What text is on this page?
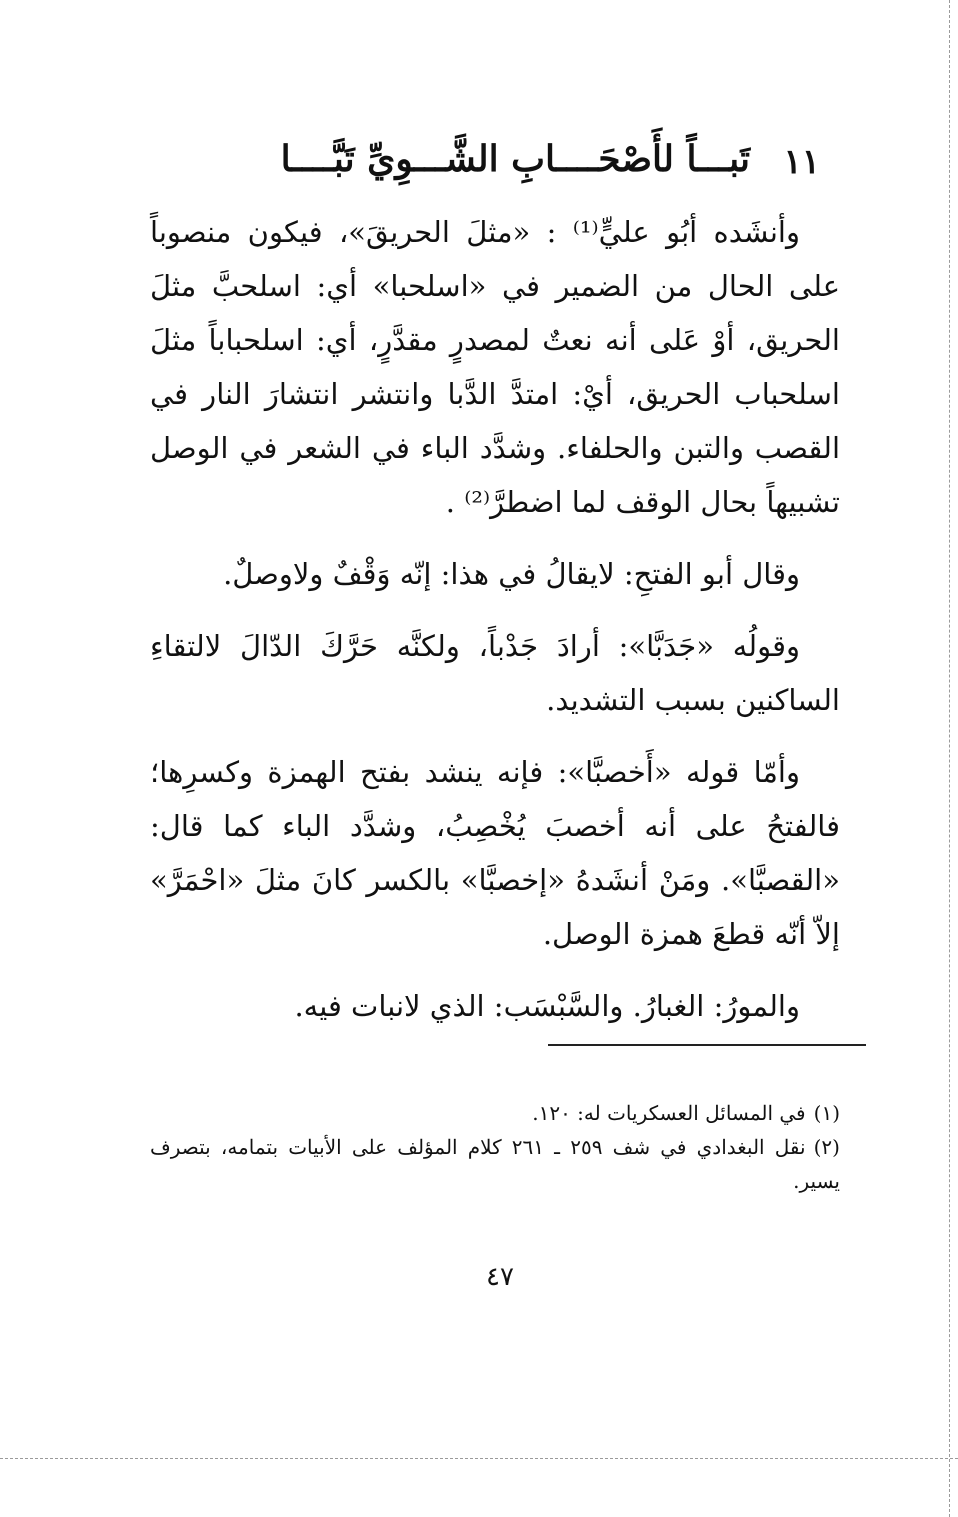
١١
تَبـــاً لأَصْحَــــابِ الشَّـــوِيِّ تَبَّــــا

وأنشَده أبُو عليٍّ⁽¹⁾ : «مثلَ الحريقَ»، فيكون منصوباً على الحال من الضمير في «اسلحبا» أي: اسلحبَّ مثلَ الحريق، أوْ عَلى أنه نعتٌ لمصدرٍ مقدَّرٍ، أي: اسلحباباً مثلَ اسلحباب الحريق، أيْ: امتدَّ الدَّبا وانتشر انتشارَ النار في القصب والتبن والحلفاء. وشدَّد الباء في الشعر في الوصل تشبيهاً بحال الوقف لما اضطرَّ⁽²⁾ .

وقال أبو الفتحِ: لايقالُ في هذا: إنّه وَقْفٌ ولاوصلٌ.

وقولُه «جَدَبَّا»: أرادَ جَدْباً، ولكنَّه حَرَّكَ الدّالَ لالتقاءِ الساكنين بسبب التشديد.

وأمّا قوله «أَخصبَّا»: فإنه ينشد بفتح الهمزة وكسرِها؛ فالفتحُ على أنه أخصبَ يُخْصِبُ، وشدَّد الباء كما قال: «القصبَّا». ومَنْ أنشَدهُ «إخصبَّا» بالكسر كانَ مثلَ «احْمَرَّ» إلاّ أنّه قطعَ همزة الوصل.

والمورُ: الغبارُ. والسَّبْسَب: الذي لانبات فيه.

(١)في المسائل العسكريات له: ١٢٠.

(٢)نقل البغدادي في شف ٢٥٩ ـ ٢٦١ كلام المؤلف على الأبيات بتمامه، بتصرف يسير.

٤٧
